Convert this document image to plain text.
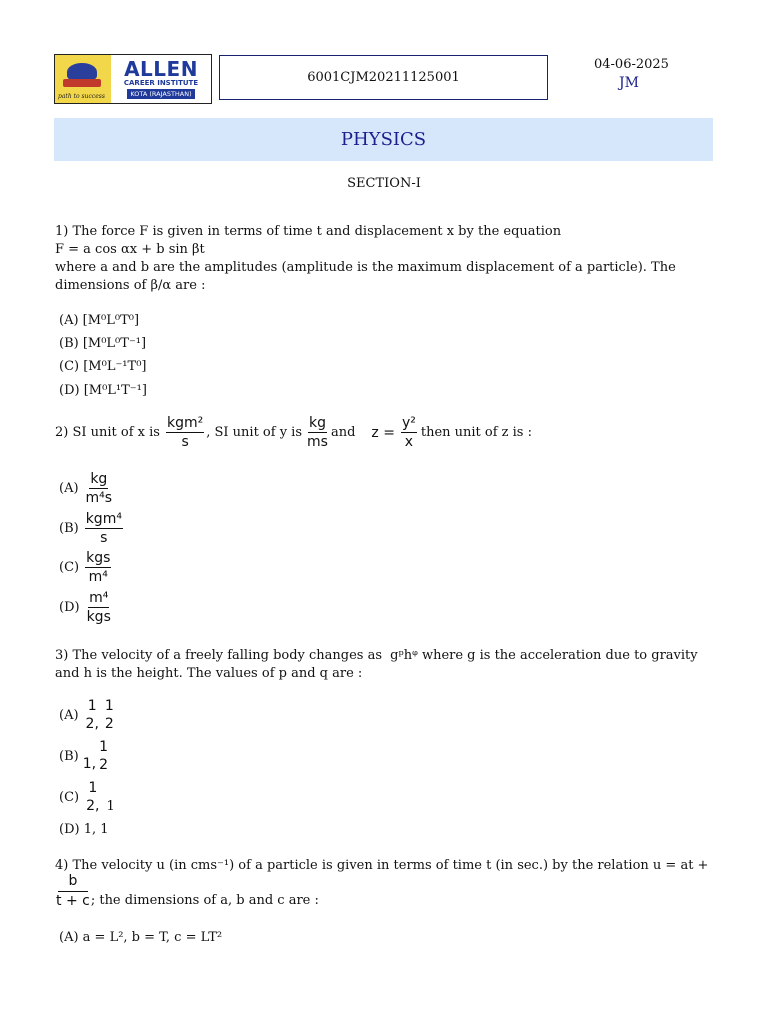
path to success
ALLEN
CAREER INSTITUTE
KOTA (RAJASTHAN)
6001CJM20211125001
04-06-2025
JM
PHYSICS
SECTION-I
1) The force F is given in terms of time t and displacement x by the equation
F = a cos αx + b sin βt
where a and b are the amplitudes (amplitude is the maximum displacement of a particle). The
dimensions of β/α are :
(A) [M⁰L⁰T⁰]
(B) [M⁰L⁰T⁻¹]
(C) [M⁰L⁻¹T⁰]
(D) [M⁰L¹T⁻¹]
2) SI unit of x is $\frac{\text{kgm²}}{s}$ , SI unit of y is $\frac{kg}{ms}$ and $z = \frac{\text{y²}}{x}$ then unit of z is :
$(A) \frac{kg}{\text{m⁴s}}$
$(B) \frac{\text{kgm⁴}}{s}$
$(C) \frac{\text{kgs}}{\text{m⁴}}$
$(D) \frac{\text{m⁴}}{\text{kgs}}$
3) The velocity of a freely falling body changes as gᵖhᵠ where g is the acceleration due to gravity
and h is the height. The values of p and q are :
(A)
1
2,
1
2
(B) 1,
1
2
(C)
1
2, 1
(D) 1, 1
4) The velocity u (in cms⁻¹) of a particle is given in terms of time t (in sec.) by the relation u = at +
$\frac{b}{t + c}$ ; the dimensions of a, b and c are :
(A) a = L², b = T, c = LT²
